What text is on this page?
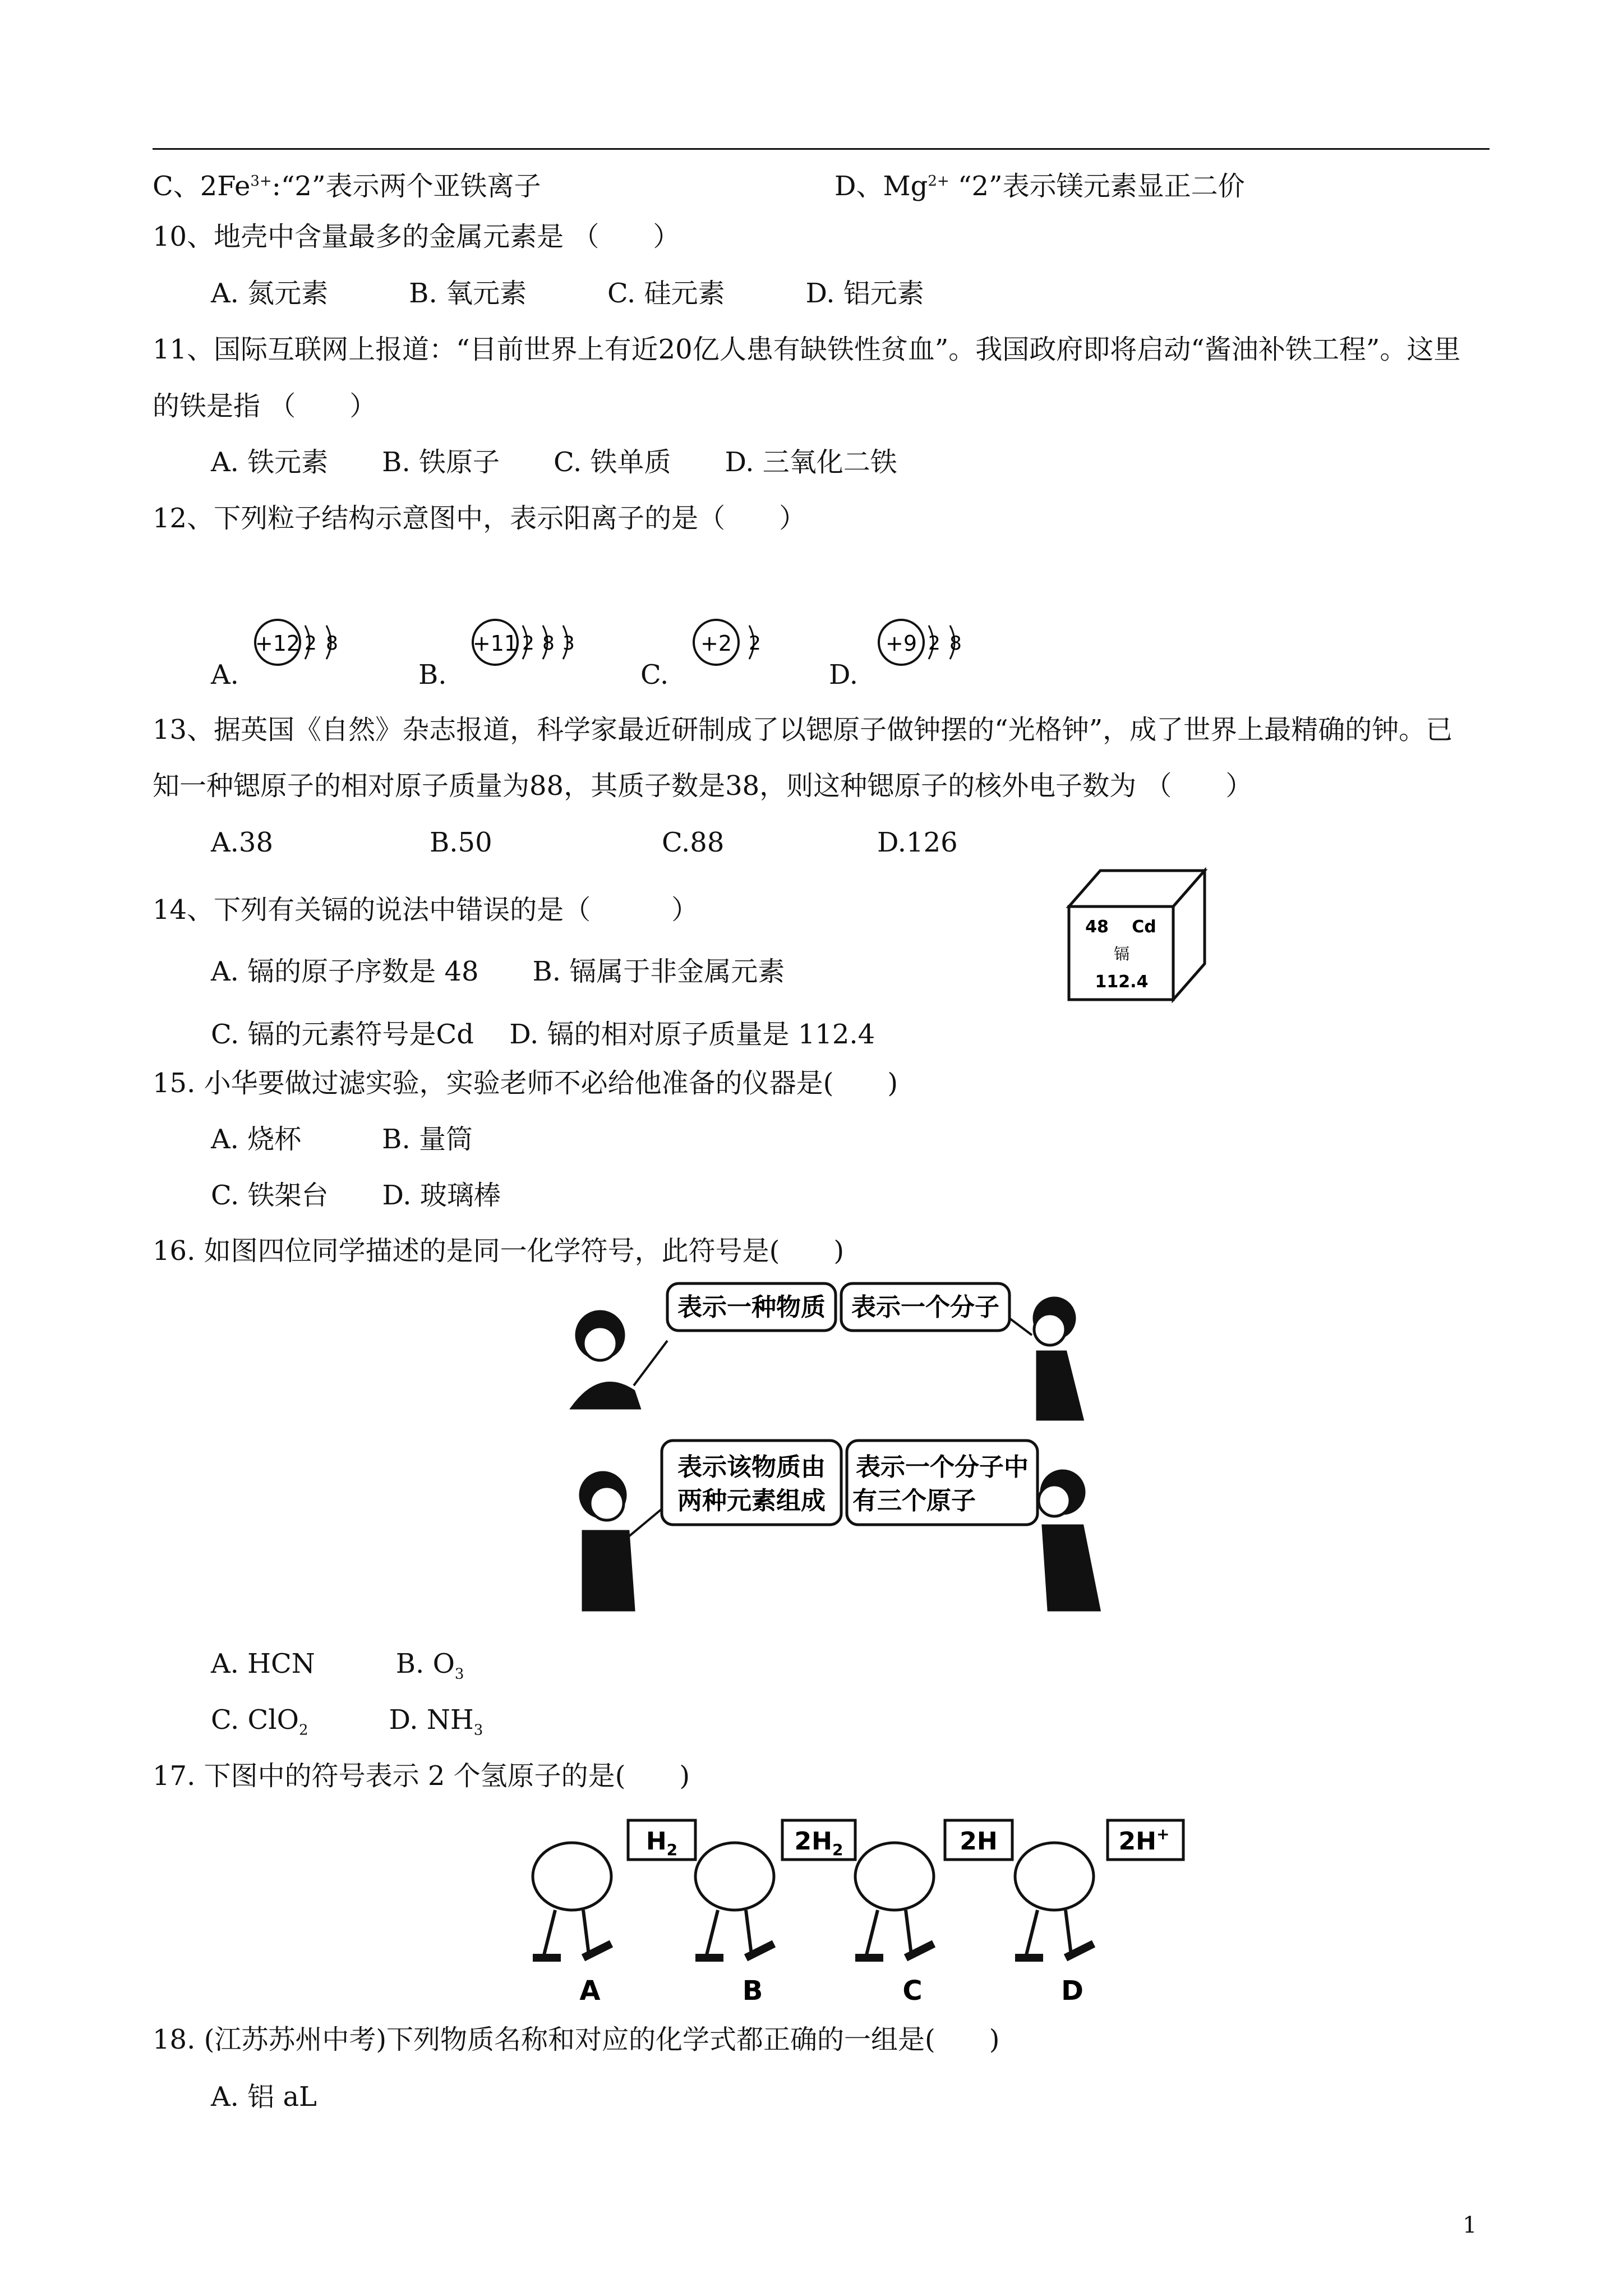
C、$2Fe^{3+}:“2$”表示两个亚铁离子	D、$Mg^{2+}$ “2”表示镁元素显正二价
10、地壳中含量最多的金属元素是 （　　）
A. 氮元素　　　B. 氧元素　　　C. 硅元素　　　D. 铝元素
11、国际互联网上报道：“目前世界上有近20亿人患有缺铁性贫血”。我国政府即将启动“酱油补铁工程”。这里
的铁是指 （　　）
A. 铁元素　　B. 铁原子　　C. 铁单质　　D. 三氧化二铁
12、下列粒子结构示意图中，表示阳离子的是（　　）
A.	B.	C.	D.
+12 2 8	+11 2 8 3	+2 2	+9 2 8
13、据英国《自然》杂志报道，科学家最近研制成了以锶原子做钟摆的“光格钟”，成了世界上最精确的钟。已
知一种锶原子的相对原子质量为88，其质子数是38，则这种锶原子的核外电子数为 （　　）
A.38	B.50	C.88	D.126
14、下列有关镉的说法中错误的是（　　　）
A. 镉的原子序数是 48　　B. 镉属于非金属元素
C. 镉的元素符号是Cd　 D. 镉的相对原子质量是 112.4
48 Cd
镉
112.4
15. 小华要做过滤实验，实验老师不必给他准备的仪器是(　　)
A. 烧杯　　　B. 量筒
C. 铁架台　　D. 玻璃棒
16. 如图四位同学描述的是同一化学符号，此符号是(　　)
表示一种物质 表示一个分子
表示该物质由
两种元素组成
表示一个分子中
有三个原子
A. HCN　　　	B. $O_3$
C. ClO$_2$　　　	D. $NH_3$
17. 下图中的符号表示 2 个氢原子的是(　　)
$H_2$
A
$2H_2$
B
2H
C
2H+
D
18. (江苏苏州中考)下列物质名称和对应的化学式都正确的一组是(　　)
A. 铝 aL
1
